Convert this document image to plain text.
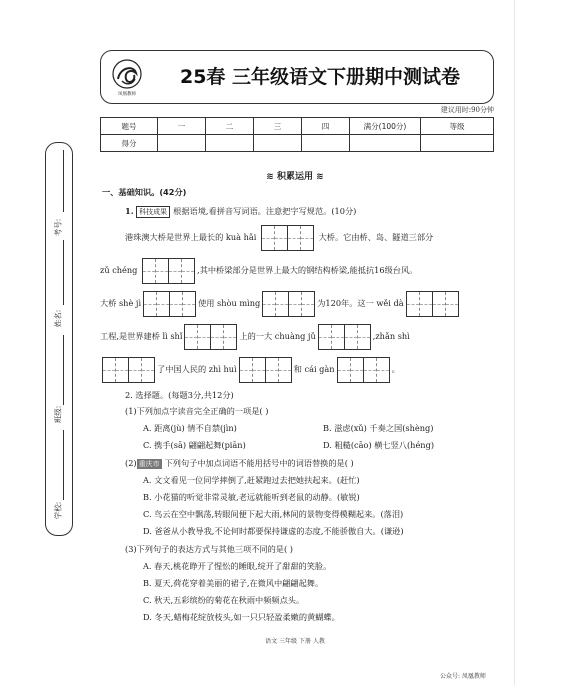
凤凰教师
25春 三年级语文下册期中测试卷
建议用时:90分钟
题号	一	二	三	四	满分(100分)	等级
得分						
考号:
姓名:
班级:
学校:
≋ 积累运用 ≋
一、基础知识。(42分)
1. 科技成果 根据语境,看拼音写词语。注意把字写规范。(10分)
港珠澳大桥是世界上最长的 kuà hǎi	大桥。它由桥、岛、隧道三部分
zǔ chéng	,其中桥梁部分是世界上最大的钢结构桥梁,能抵抗16级台风。
大桥 shè jì	使用 shòu mìng	为120年。这一 wěi dà
工程,是世界建桥 lì shǐ	上的一大 chuàng jǔ	,zhǎn shì
了中国人民的 zhì huì	和 cái gàn	。
2. 选择题。(每题3分,共12分)
(1)下列加点字读音完全正确的一项是( )
A. 距离(jù) 情不自禁(jìn)	B. 滋虑(xǔ) 千奏之国(shèng)
C. 携手(sā) 翩翩起舞(piān)	D. 粗糙(cāo) 横七竖八(héng)
(2) 重庆市 下列句子中加点词语不能用括号中的词语替换的是( )
A. 文文看见一位同学摔倒了,赶紧跑过去把她扶起来。(赶忙)
B. 小花猫的听觉非常灵敏,老远就能听到老鼠的动静。(敏锐)
C. 鸟云在空中飘荡,转眼间便下起大雨,林间的景物变得模糊起来。(落泪)
D. 爸爸从小教导我,不论何时都要保持谦虚的态度,不能骄傲自大。(谦逊)
(3)下列句子的表达方式与其他三项不同的是( )
A. 春天,桃花睁开了惺忪的睡眼,绽开了甜甜的笑脸。
B. 夏天,荷花穿着美丽的裙子,在微风中翩翩起舞。
C. 秋天,五彩缤纷的菊花在秋雨中频频点头。
D. 冬天,蜡梅花绽放枝头,如一只只轻盈柔嫩的黄蝴蝶。
语文 三年级 下册 人教
公众号: 凤凰教师
